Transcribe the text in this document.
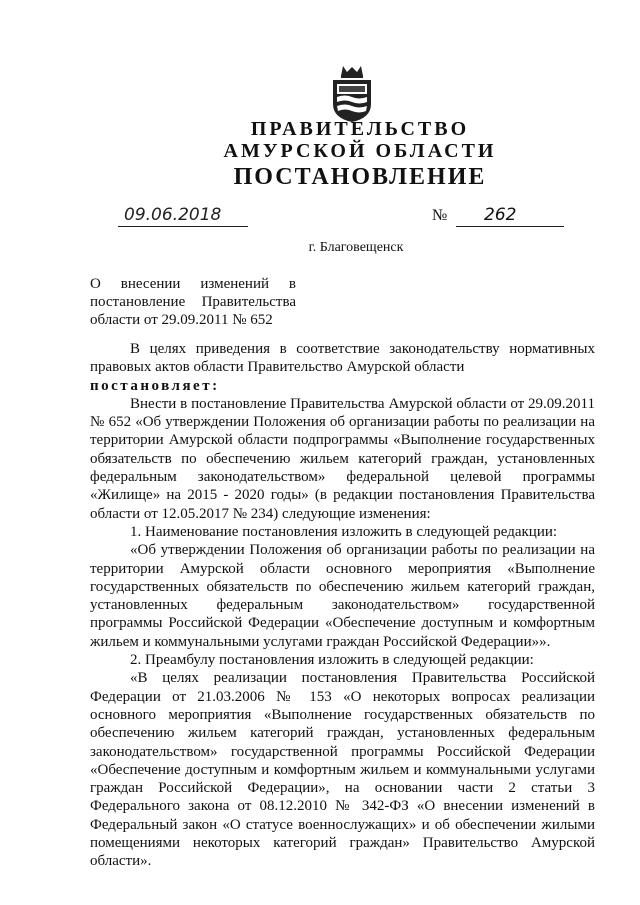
ПРАВИТЕЛЬСТВО
АМУРСКОЙ ОБЛАСТИ
ПОСТАНОВЛЕНИЕ
09.06.2018	№ 262
г. Благовещенск
О внесении изменений в постановление Правительства области от 29.09.2011 № 652

В целях приведения в соответствие законодательству нормативных правовых актов области Правительство Амурской области

постановляет:

Внести в постановление Правительства Амурской области от 29.09.2011 № 652 «Об утверждении Положения об организации работы по реализации на территории Амурской области подпрограммы «Выполнение государственных обязательств по обеспечению жильем категорий граждан, установленных федеральным законодательством» федеральной целевой программы «Жилище» на 2015 - 2020 годы» (в редакции постановления Правительства области от 12.05.2017 № 234) следующие изменения:

1. Наименование постановления изложить в следующей редакции:

«Об утверждении Положения об организации работы по реализации на территории Амурской области основного мероприятия «Выполнение государственных обязательств по обеспечению жильем категорий граждан, установленных федеральным законодательством» государственной программы Российской Федерации «Обеспечение доступным и комфортным жильем и коммунальными услугами граждан Российской Федерации»».

2. Преамбулу постановления изложить в следующей редакции:

«В целях реализации постановления Правительства Российской Федерации от 21.03.2006 № 153 «О некоторых вопросах реализации основного мероприятия «Выполнение государственных обязательств по обеспечению жильем категорий граждан, установленных федеральным законодательством» государственной программы Российской Федерации «Обеспечение доступным и комфортным жильем и коммунальными услугами граждан Российской Федерации», на основании части 2 статьи 3 Федерального закона от 08.12.2010 № 342-ФЗ «О внесении изменений в Федеральный закон «О статусе военнослужащих» и об обеспечении жилыми помещениями некоторых категорий граждан» Правительство Амурской области».
